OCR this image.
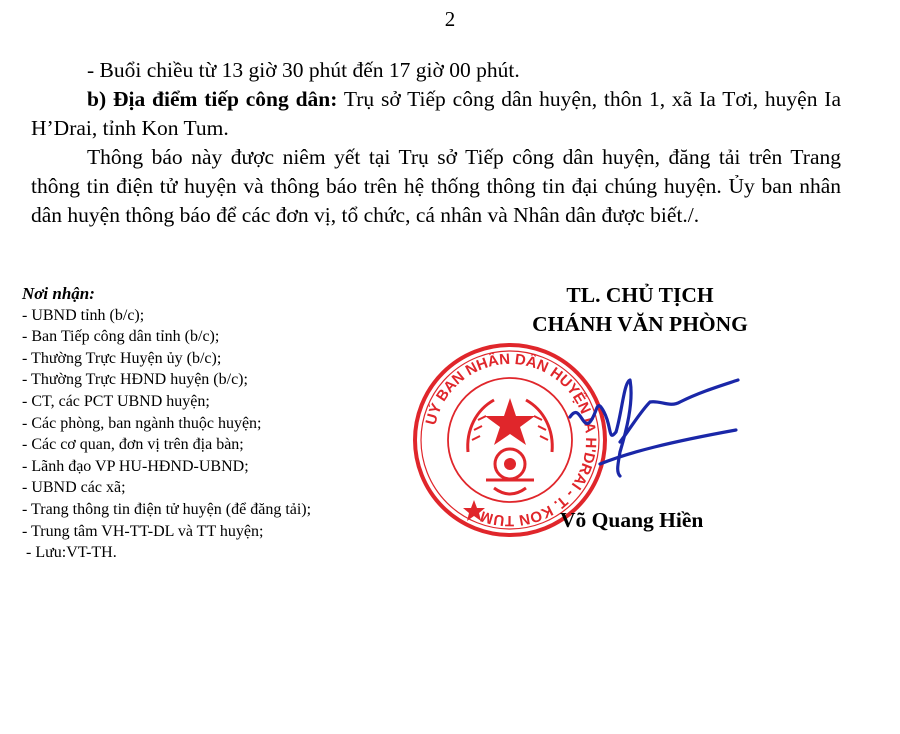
2

- Buổi chiều từ 13 giờ 30 phút đến 17 giờ 00 phút.

b) Địa điểm tiếp công dân: Trụ sở Tiếp công dân huyện, thôn 1, xã Ia Tơi, huyện Ia H’Drai, tỉnh Kon Tum.

Thông báo này được niêm yết tại Trụ sở Tiếp công dân huyện, đăng tải trên Trang thông tin điện tử huyện và thông báo trên hệ thống thông tin đại chúng huyện. Ủy ban nhân dân huyện thông báo để các đơn vị, tổ chức, cá nhân và Nhân dân được biết./.

Nơi nhận:
- UBND tỉnh (b/c);
- Ban Tiếp công dân tỉnh (b/c);
- Thường Trực Huyện ủy (b/c);
- Thường Trực HĐND huyện (b/c);
- CT, các PCT UBND huyện;
- Các phòng, ban ngành thuộc huyện;
- Các cơ quan, đơn vị trên địa bàn;
- Lãnh đạo VP HU-HĐND-UBND;
- UBND các xã;
- Trang thông tin điện tử huyện (để đăng tải);
- Trung tâm VH-TT-DL và TT huyện;
- Lưu:VT-TH.
TL. CHỦ TỊCH
CHÁNH VĂN PHÒNG
UỶ BAN NHÂN DÂN HUYỆN IA H'DRAI - T. KON TUM	Võ Quang Hiền
